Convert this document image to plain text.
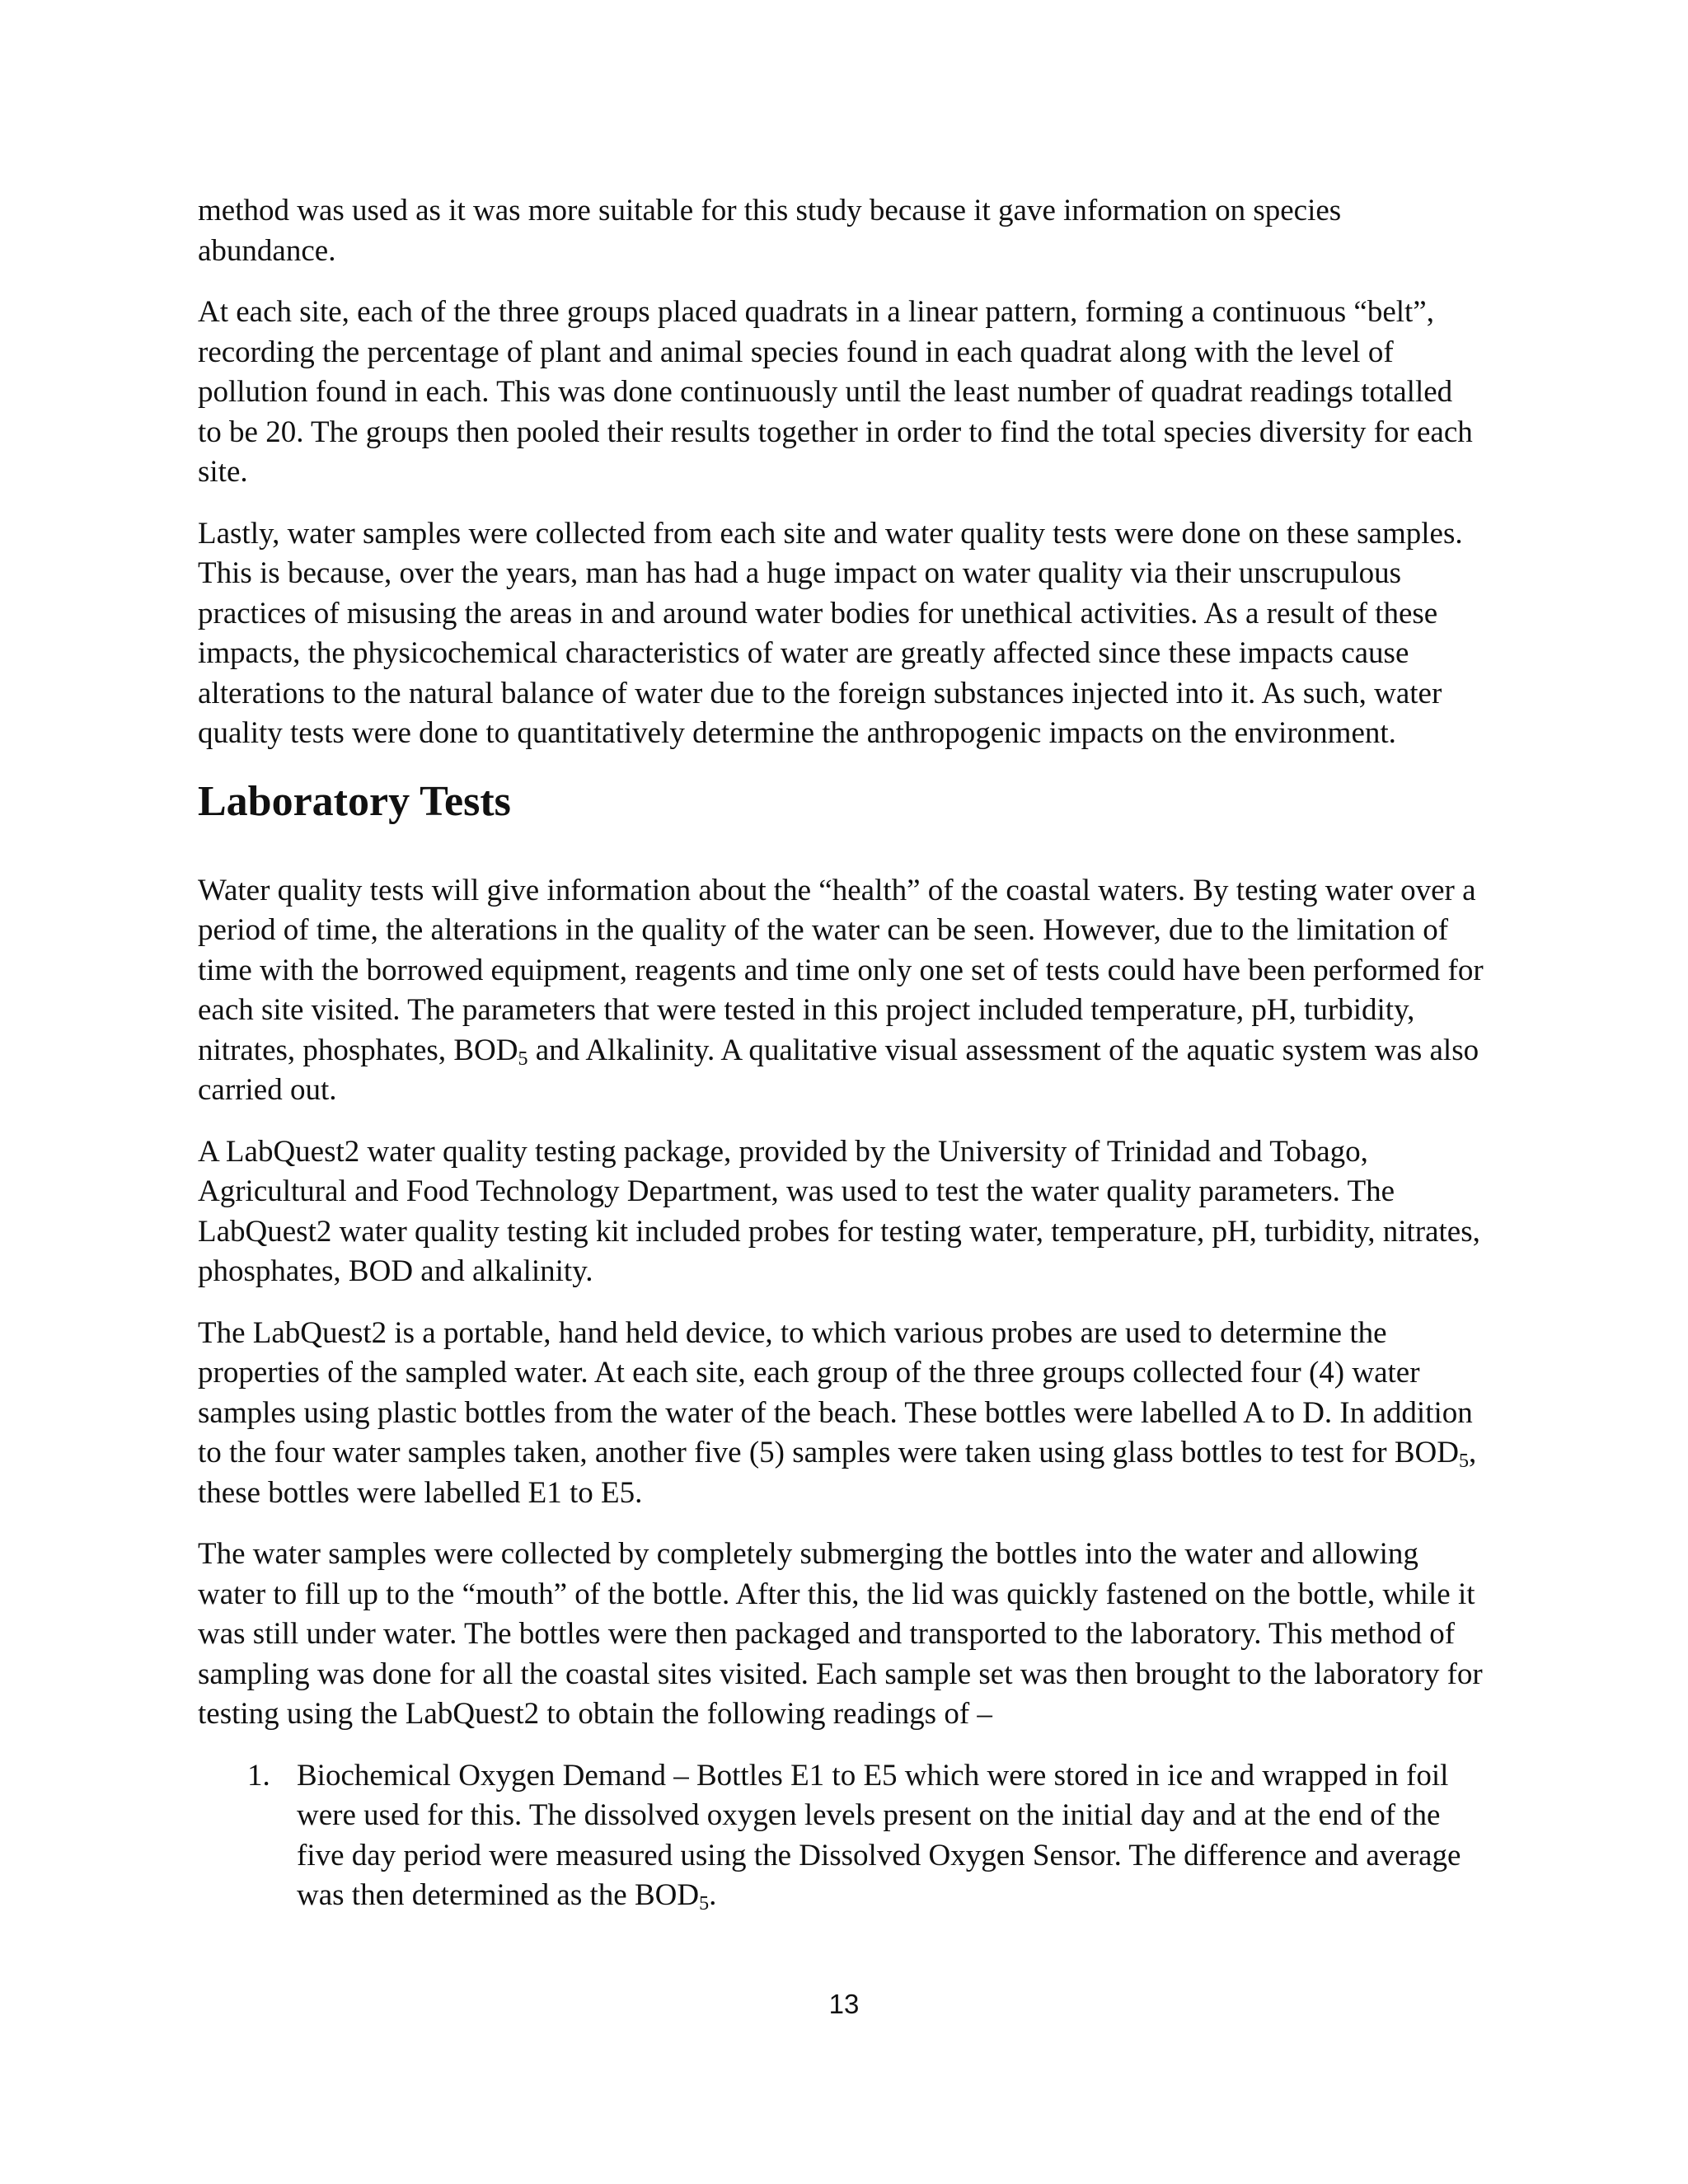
method was used as it was more suitable for this study because it gave information on species abundance.

At each site, each of the three groups placed quadrats in a linear pattern, forming a continuous “belt”, recording the percentage of plant and animal species found in each quadrat along with the level of pollution found in each. This was done continuously until the least number of quadrat readings totalled to be 20. The groups then pooled their results together in order to find the total species diversity for each site.

Lastly, water samples were collected from each site and water quality tests were done on these samples. This is because, over the years, man has had a huge impact on water quality via their unscrupulous practices of misusing the areas in and around water bodies for unethical activities. As a result of these impacts, the physicochemical characteristics of water are greatly affected since these impacts cause alterations to the natural balance of water due to the foreign substances injected into it. As such, water quality tests were done to quantitatively determine the anthropogenic impacts on the environment.

Laboratory Tests

Water quality tests will give information about the “health” of the coastal waters. By testing water over a period of time, the alterations in the quality of the water can be seen. However, due to the limitation of time with the borrowed equipment, reagents and time only one set of tests could have been performed for each site visited. The parameters that were tested in this project included temperature, pH, turbidity, nitrates, phosphates, $BOD_5$ and Alkalinity. A qualitative visual assessment of the aquatic system was also carried out.

A LabQuest2 water quality testing package, provided by the University of Trinidad and Tobago, Agricultural and Food Technology Department, was used to test the water quality parameters. The LabQuest2 water quality testing kit included probes for testing water, temperature, pH, turbidity, nitrates, phosphates, BOD and alkalinity.

The LabQuest2 is a portable, hand held device, to which various probes are used to determine the properties of the sampled water. At each site, each group of the three groups collected four (4) water samples using plastic bottles from the water of the beach. These bottles were labelled A to D. In addition to the four water samples taken, another five (5) samples were taken using glass bottles to test for $BOD_5$, these bottles were labelled E1 to E5.

The water samples were collected by completely submerging the bottles into the water and allowing water to fill up to the “mouth” of the bottle. After this, the lid was quickly fastened on the bottle, while it was still under water. The bottles were then packaged and transported to the laboratory. This method of sampling was done for all the coastal sites visited. Each sample set was then brought to the laboratory for testing using the LabQuest2 to obtain the following readings of –

1. Biochemical Oxygen Demand – Bottles E1 to E5 which were stored in ice and wrapped in foil were used for this. The dissolved oxygen levels present on the initial day and at the end of the five day period were measured using the Dissolved Oxygen Sensor. The difference and average was then determined as the $BOD_5$.
13
